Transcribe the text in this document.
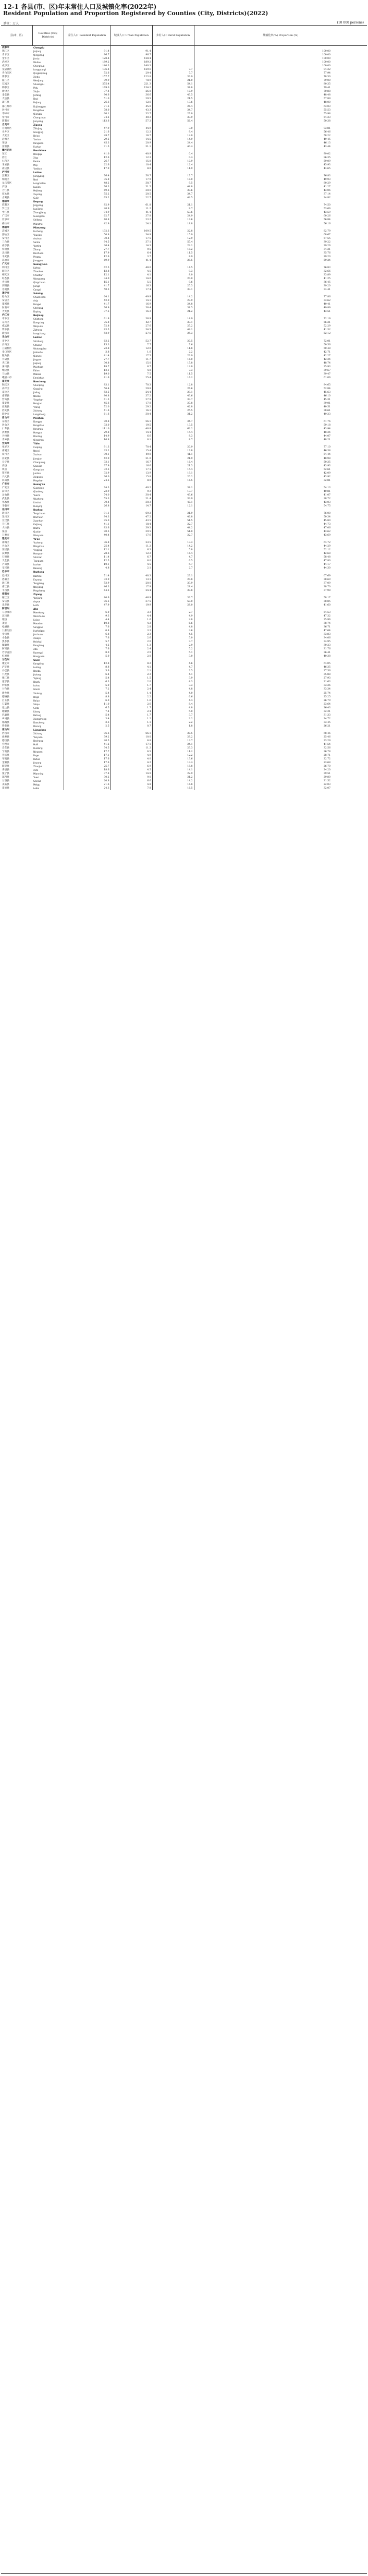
12-1 各县(市、区)年末常住人口及城镇化率(2022年)
Resident Population and Proportion Registered by Counties (City, Districts)(2022)
单位：万人	(10 000 persons)
县(市、区)	Counties (City, Districts)	常住人口 Resident Population	城镇人口 Urban Population	乡村人口 Rural Population	城镇化率(%) Proportion (%)
成都市	Chengdu				
锦江区	Jinjiang	91.4	91.4		100.00
青羊区	Qingyang	96.7	96.7		100.00
金牛区	Jinniu	128.4	128.4		100.00
武侯区	Wuhou	189.2	189.2		100.00
成华区	Chenghua	140.3	140.3		100.00
龙泉驿区	Longquanyi	136.4	129.6	7.7	94.32
青白江区	Qingbaijiang	52.6	29.4	7.7	77.94
新都区	Xindu	157.7	123.8	33.9	78.50
温江区	Wenjiang	99.9	78.9	21.0	79.00
双流区	Shuangliu	275.4	221.3	54.1	80.35
郫都区	Pidu	169.0	134.2	34.8	79.41
新津区	Xinjin	37.4	26.0	10.9	70.88
金堂县	Jintang	90.6	36.6	43.5	48.48
大邑县	Dayi	51.0	29.5	21.5	57.89
蒲江县	Pujiang	26.3	12.6	13.6	48.00
都江堰市	Dujiangyan	71.5	45.0	26.4	63.03
彭州市	Pengzhou	78.0	43.3	34.7	55.53
邛崃市	Qionglai	60.1	33.7	27.0	55.98
崇州市	Chongzhou	74.2	40.3	33.9	54.33
简阳市	Jianyang	113.6	57.2	56.4	50.38
自贡市	Zigong				
自流井区	Ziliujing	47.9	44.9	3.0	93.81
贡井区	Gongjing	21.6	12.2	9.4	56.46
大安区	Da'an	28.7	16.7	12.0	58.22
沿滩区	Yantan	29.5	14.5	14.9	49.45
荣县	Rongxian	45.3	20.9	24.4	46.13
富顺县	Fushun	71.5	31.1	40.4	43.44
攀枝花市	Panzhihua				
东区	Dongqu	41.0	40.9	0.4	99.02
西区	Xiqu	12.6	12.3	0.4	96.35
仁和区	Renhe	26.7	15.8	10.9	59.09
米易县	Miyi	22.6	10.4	12.4	45.93
盐边县	Yanbian	17.9	8.0	11.9	44.65
泸州市	Luzhou				
江阳区	Jiangyang	76.4	58.7	17.7	76.83
纳溪区	Naxi	35.8	17.9	18.0	49.93
龙马潭区	Longmatan	48.2	38.7	9.5	80.29
泸县	Luxian	76.3	31.5	44.8	41.27
合江县	Hejiang	69.6	30.0	39.6	43.06
叙永县	Xuyong	55.2	20.5	34.7	37.14
古蔺县	Gulin	65.2	22.7	42.5	34.82
德阳市	Deyang				
旌阳区	Jingyang	82.9	61.8	21.1	74.50
罗江区	Luojiang	20.9	11.2	9.7	53.66
中江县	Zhongjiang	94.9	41.4	53.6	43.59
广汉市	Guanghan	62.7	37.8	24.9	60.26
什邡市	Shifang	40.8	23.2	17.6	56.84
绵竹市	Mianzhu	42.9	24.1	18.8	56.16
绵阳市	Mianyang				
涪城区	Fucheng	132.3	109.5	22.8	82.79
游仙区	Youxian	50.8	34.9	15.9	68.67
安州区	Anzhou	30.4	17.5	12.9	57.55
三台县	Santai	94.5	37.1	57.4	39.22
盐亭县	Yanting	36.4	14.3	22.1	39.26
梓潼县	Zitong	27.7	9.5	18.2	34.31
北川县	Beichuan	17.9	6.4	11.5	35.76
平武县	Pingwu	12.6	3.7	8.9	29.20
江油市	Jiangyou	69.9	41.4	28.5	59.24
广元市	Guangyuan				
利州区	Lizhou	62.5	48.0	14.5	76.83
昭化区	Zhaohua	13.8	4.5	9.3	32.66
朝天区	Chaotian	12.1	4.1	8.0	33.89
旺苍县	Wangcang	34.0	14.0	20.0	41.25
青川县	Qingchuan	15.1	5.5	9.6	36.45
剑阁县	Jiange	41.7	16.3	25.3	39.20
苍溪县	Cangxi	50.5	17.4	33.1	34.41
遂宁市	Suining				
船山区	Chuanshan	64.1	49.9	14.2	77.86
安居区	Anju	42.0	14.1	27.9	33.62
蓬溪县	Pengxi	41.7	16.9	24.8	40.41
射洪市	Shehong	76.9	38.4	38.5	49.89
大英县	Daying	37.5	16.3	21.2	43.51
内江市	Neijiang				
市中区	Shizhong	61.8	36.9	14.9	72.19
东兴区	Dongxing	75.8	42.7	33.1	56.31
威远县	Weiyuan	52.8	27.6	25.2	52.29
资中县	Zizhong	83.5	34.5	49.1	41.32
隆昌市	Longchang	52.9	27.6	25.3	52.12
乐山市	Leshan				
市中区	Shizhong	63.2	52.7	20.5	72.01
沙湾区	Shawan	15.3	7.7	7.6	50.56
五通桥区	Wutongqiao	23.8	12.0	11.8	50.48
金口河区	Jinkouhe	3.8	1.6	2.2	42.71
犍为县	Qianwei	41.4	17.5	23.9	42.27
井研县	Jingyan	27.7	11.7	16.0	42.24
夹江县	Jiajiang	30.8	15.0	15.8	48.74
沐川县	Muchuan	18.7	6.7	12.0	35.93
峨边县	Ebian	12.1	4.8	7.3	39.67
马边县	Mabian	19.0	7.5	11.5	39.47
峨眉山市	Emeishan	41.6	25.4	16.2	61.06
南充市	Nanchong				
顺庆区	Shunqing	83.1	70.3	12.8	84.65
高坪区	Gaoping	56.4	29.8	26.6	52.84
嘉陵区	Jialing	53.5	24.4	29.1	45.63
南部县	Nanbu	80.8	37.2	43.6	46.10
营山县	Yingshan	61.5	27.9	33.7	45.31
蓬安县	Peng'an	45.6	17.8	27.8	39.01
仪陇县	Yilong	72.0	29.2	42.8	40.51
西充县	Xichong	41.6	16.1	25.5	38.61
阆中市	Langzhong	61.6	30.4	31.2	49.33
眉山市	Meishan				
东坡区	Dongpo	90.8	56.1	34.7	61.76
彭山区	Pengshan	33.0	19.5	13.5	59.18
仁寿县	Renshou	111.0	48.8	62.2	43.94
洪雅县	Hongya	29.8	14.4	15.4	48.34
丹棱县	Danling	14.9	6.6	8.3	44.07
青神县	Qingshen	16.8	8.1	8.7	48.21
宜宾市	Yibin				
翠屏区	Cuiping	91.3	70.4	20.9	77.10
南溪区	Nanxi	33.2	15.4	17.8	46.38
叙州区	Xuzhou	90.1	49.0	41.1	54.44
江安县	Jiang'an	42.9	21.0	21.9	48.98
长宁县	Changning	33.1	16.7	16.4	50.35
高县	Gaoxian	37.9	16.6	21.3	43.93
珙县	Gongxian	32.5	17.1	15.4	52.61
筠连县	Junlian	32.9	13.9	19.1	42.09
兴文县	Xingwen	36.0	15.8	20.2	43.92
屏山县	Pingshan	24.5	8.0	16.5	32.81
广安市	Guang'an				
广安区	Guang'an	74.3	40.2	34.1	54.13
前锋区	Qianfeng	23.9	9.3	13.7	40.81
岳池县	Yuechi	74.0	30.4	43.6	41.07
武胜县	Wusheng	55.3	21.4	33.9	38.72
邻水县	Linshui	70.4	30.3	40.1	43.03
华蓥市	Huaying	26.8	14.7	12.1	54.75
达州市	Dazhou				
通川区	Tongchuan	91.1	69.2	21.9	76.00
达川区	Dachuan	94.3	47.2	46.8	50.34
宣汉县	Xuanhan	95.0	43.5	51.5	45.80
开江县	Kaijiang	41.1	18.4	22.7	44.73
大竹县	Dazhu	83.6	39.3	44.2	47.06
渠县	Quxian	90.5	39.5	51.0	43.62
万源市	Wanyuan	40.4	17.6	22.7	43.69
雅安市	Ya'an				
雨城区	Yucheng	36.8	23.5	13.3	64.72
名山区	Mingshan	25.4	11.2	14.2	44.29
荥经县	Yingjing	12.1	6.3	5.8	52.12
汉源县	Hanyuan	28.6	12.2	16.4	42.68
石棉县	Shimian	11.4	6.7	4.7	58.48
天全县	Tianquan	12.5	6.0	6.5	47.80
芦山县	Lushan	10.1	4.5	5.7	44.17
宝兴县	Baoxing	4.8	2.1	2.7	44.30
巴中市	Bazhong				
巴州区	Bazhou	71.4	48.3	23.1	67.69
恩阳区	Enyang	33.9	13.1	20.8	38.69
通江县	Tongjiang	53.9	20.0	33.9	37.09
南江县	Nanjiang	46.3	17.9	28.4	38.70
平昌县	Pingchang	64.2	24.4	39.8	37.98
资阳市	Ziyang				
雁江区	Yanjiang	80.6	46.9	33.7	58.17
安岳县	Anyue	96.5	37.5	59.0	38.85
乐至县	Lezhi	47.9	19.9	28.0	41.60
阿坝州	Aba				
马尔康市	Maerkang	6.0	3.3	2.7	54.53
汶川县	Wenchuan	9.3	4.4	4.9	47.32
理县	Lixian	4.4	1.6	2.8	35.96
茂县	Maoxian	10.8	4.2	6.6	38.74
松潘县	Songpan	7.6	2.8	4.8	36.71
九寨沟县	Jiuzhaigou	6.8	3.3	3.6	47.64
金川县	Jinchuan	6.8	2.3	4.5	33.83
小金县	Xiaojin	7.6	2.6	5.0	34.06
黑水县	Heishui	5.7	2.0	3.7	34.95
壤塘县	Rangtang	4.2	1.3	2.9	30.23
阿坝县	Aba	7.6	2.4	5.2	31.76
若尔盖县	Ruoergai	8.0	2.9	5.1	36.41
红原县	Hongyuan	5.0	2.0	3.0	40.38
甘孜州	Ganzi				
康定市	Kangding	12.8	8.2	4.6	64.05
泸定县	Luding	8.8	4.1	4.7	46.35
丹巴县	Danba	5.6	2.1	3.5	37.56
九龙县	Jiulong	6.4	2.3	4.1	35.88
雅江县	Yajiang	5.4	1.5	3.9	27.93
道孚县	Daofu	6.3	2.0	4.3	31.63
炉霍县	Luhuo	5.0	1.7	3.3	33.36
甘孜县	Ganzi	7.2	2.4	4.8	33.34
新龙县	Xinlong	5.4	1.4	4.0	25.74
德格县	Dege	8.8	2.2	6.6	25.25
白玉县	Baiyu	6.0	1.6	4.4	26.79
石渠县	Shiqu	11.0	2.6	8.4	23.64
色达县	Seda	6.5	1.7	4.8	26.43
理塘县	Litang	7.4	2.4	5.0	32.21
巴塘县	Batang	5.4	1.7	3.7	31.33
乡城县	Xiangcheng	3.4	1.2	2.2	34.72
稻城县	Daocheng	3.3	1.1	2.2	33.45
得荣县	Derong	2.5	0.7	1.8	26.21
凉山州	Liangshan				
西昌市	Xichang	96.6	66.1	30.5	68.46
盐源县	Yanyuan	39.2	10.0	29.2	25.46
德昌县	Dechang	20.5	6.8	13.7	33.29
会理市	Huili	41.2	17.1	24.1	41.54
会东县	Huidong	34.5	11.2	23.3	32.56
宁南县	Ningnan	17.7	6.5	11.2	36.78
普格县	Puge	17.1	4.9	12.2	28.71
布拖县	Butuo	17.6	4.0	13.6	22.72
金阳县	Jinyang	17.6	4.2	13.4	23.68
昭觉县	Zhaojue	25.7	6.9	18.8	26.70
喜德县	Xide	18.6	4.5	14.1	24.20
冕宁县	Mianning	37.8	14.9	22.9	39.51
越西县	Yuexi	30.2	9.0	21.2	29.80
甘洛县	Ganluo	20.8	6.6	14.2	31.52
美姑县	Meigu	21.6	4.8	16.8	22.03
雷波县	Leibo	24.3	7.8	16.5	32.07
